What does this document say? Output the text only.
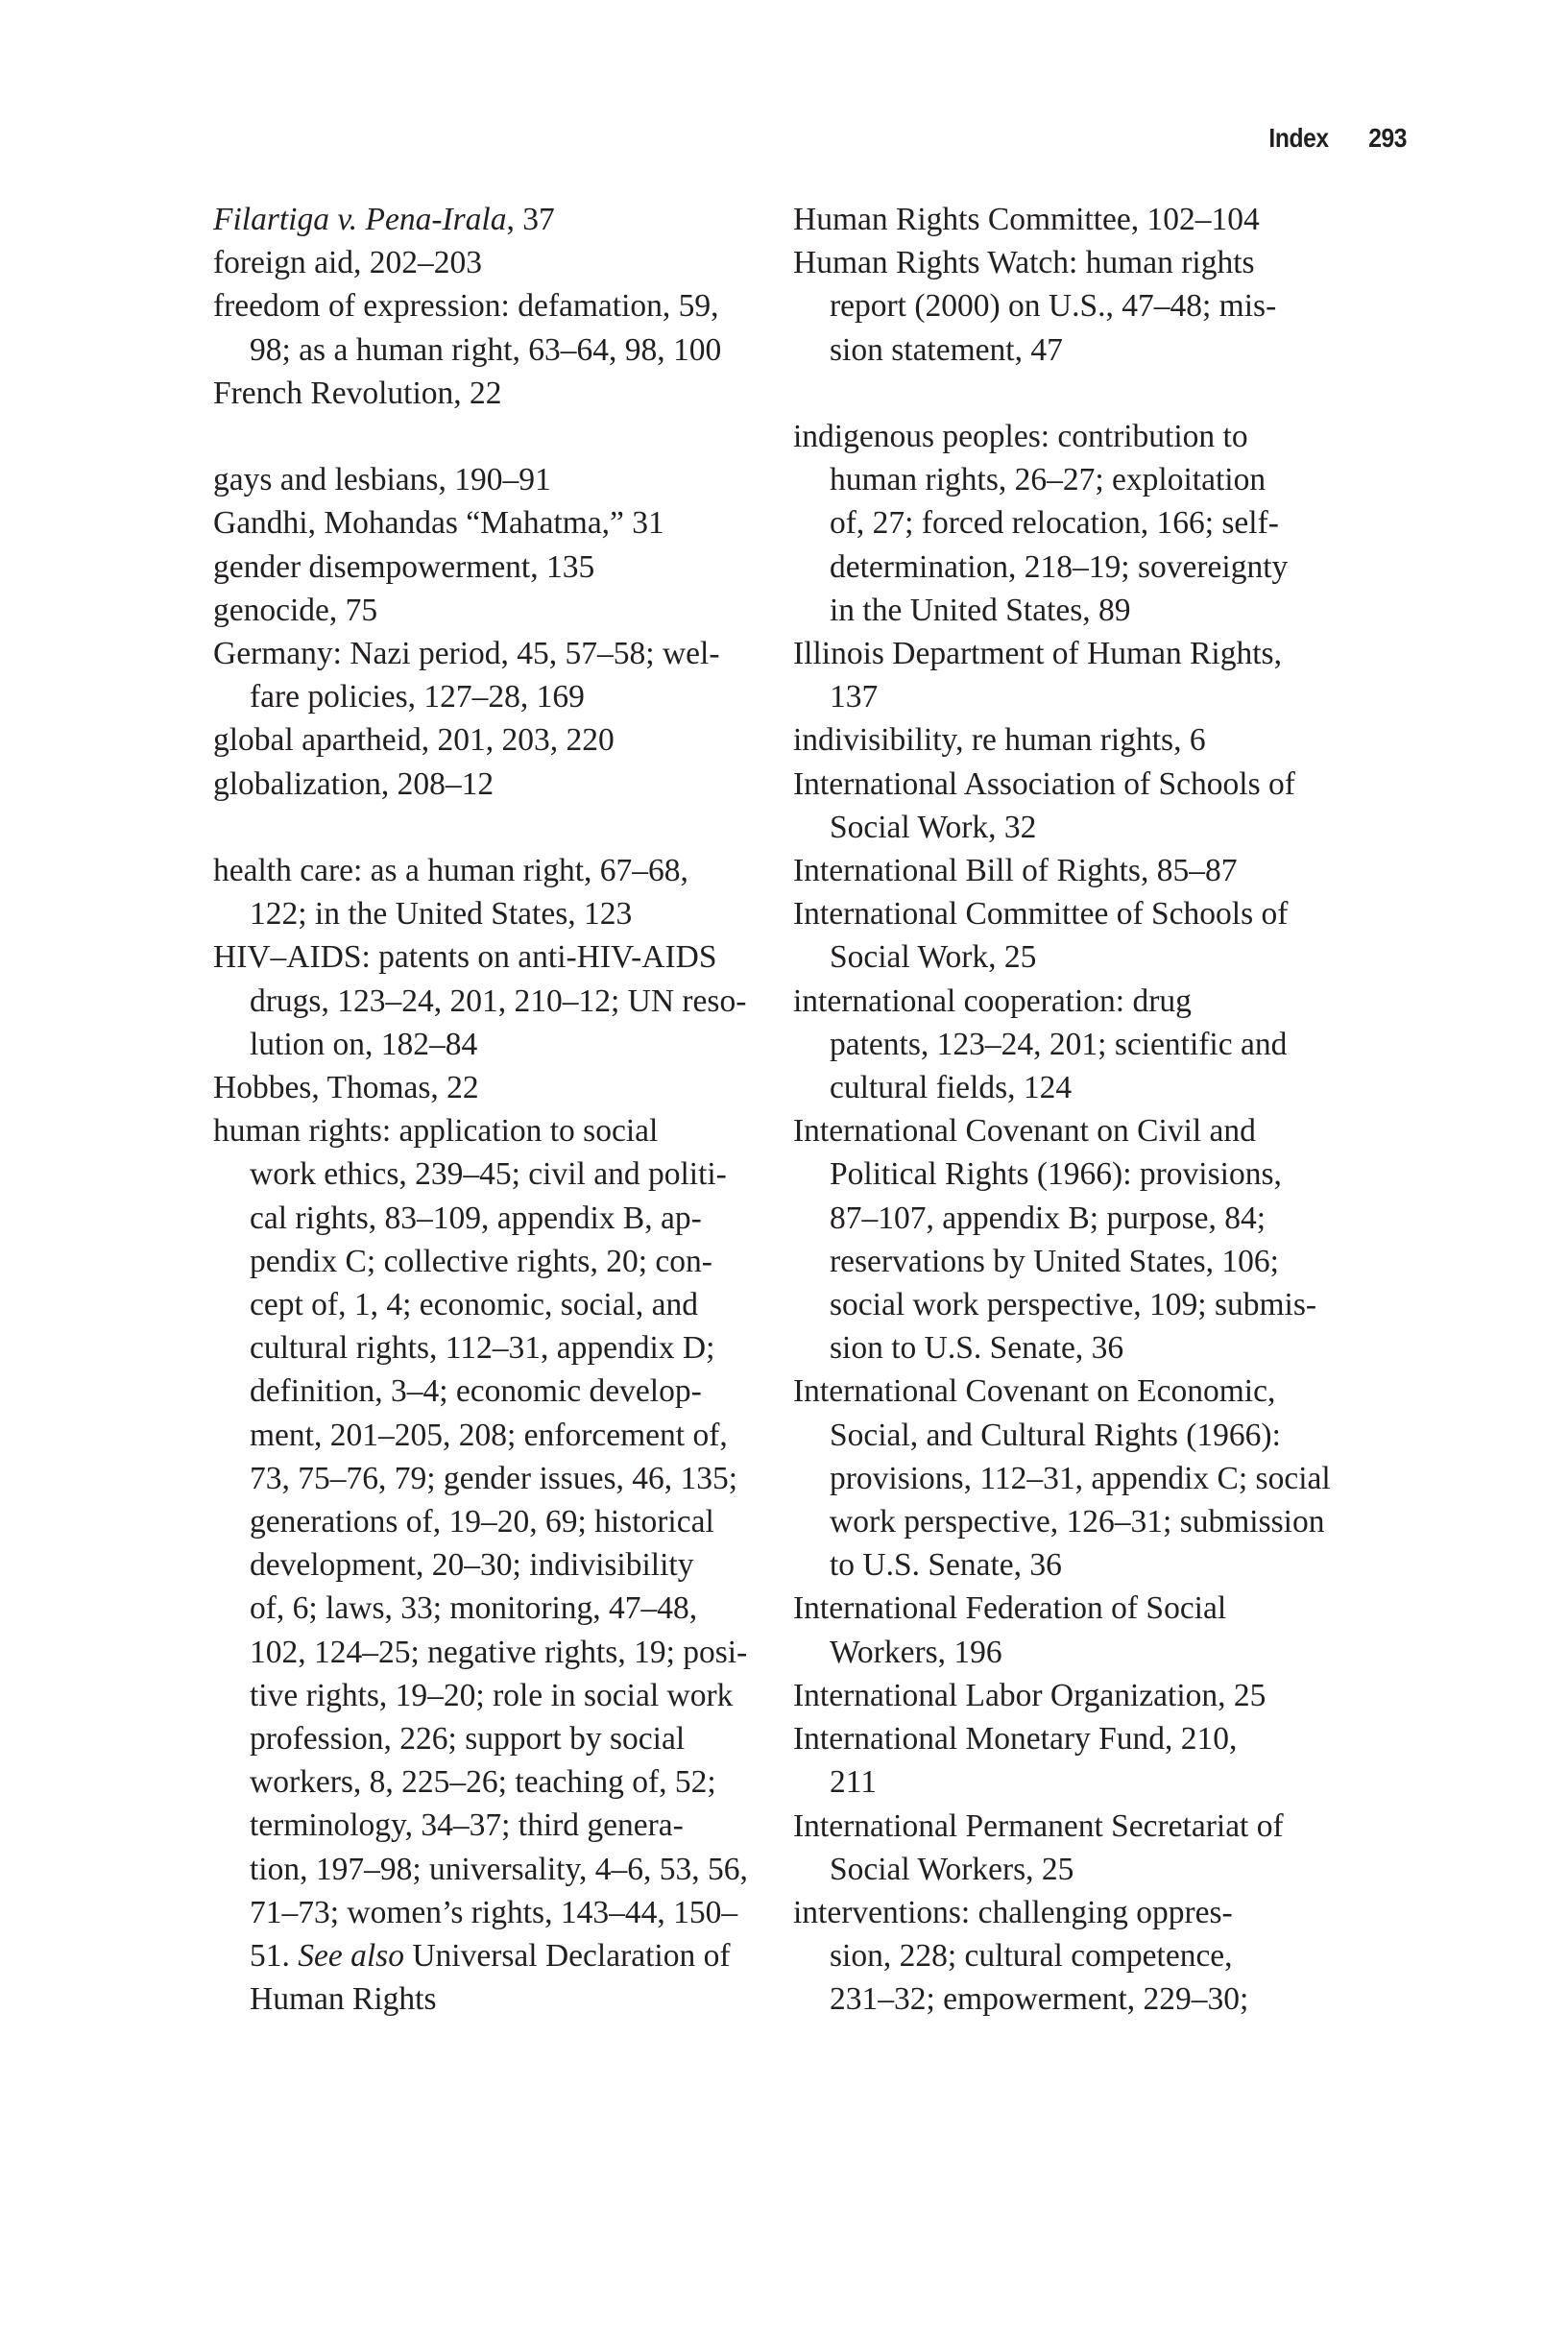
Index 293
Filartiga v. Pena-Irala, 37
foreign aid, 202–203
freedom of expression: defamation, 59,
98; as a human right, 63–64, 98, 100
French Revolution, 22
gays and lesbians, 190–91
Gandhi, Mohandas “Mahatma,” 31
gender disempowerment, 135
genocide, 75
Germany: Nazi period, 45, 57–58; wel-
fare policies, 127–28, 169
global apartheid, 201, 203, 220
globalization, 208–12
health care: as a human right, 67–68,
122; in the United States, 123
HIV–AIDS: patents on anti-HIV-AIDS
drugs, 123–24, 201, 210–12; UN reso-
lution on, 182–84
Hobbes, Thomas, 22
human rights: application to social
work ethics, 239–45; civil and politi-
cal rights, 83–109, appendix B, ap-
pendix C; collective rights, 20; con-
cept of, 1, 4; economic, social, and
cultural rights, 112–31, appendix D;
definition, 3–4; economic develop-
ment, 201–205, 208; enforcement of,
73, 75–76, 79; gender issues, 46, 135;
generations of, 19–20, 69; historical
development, 20–30; indivisibility
of, 6; laws, 33; monitoring, 47–48,
102, 124–25; negative rights, 19; posi-
tive rights, 19–20; role in social work
profession, 226; support by social
workers, 8, 225–26; teaching of, 52;
terminology, 34–37; third genera-
tion, 197–98; universality, 4–6, 53, 56,
71–73; women’s rights, 143–44, 150–
51. See also Universal Declaration of
Human Rights
Human Rights Committee, 102–104
Human Rights Watch: human rights
report (2000) on U.S., 47–48; mis-
sion statement, 47
indigenous peoples: contribution to
human rights, 26–27; exploitation
of, 27; forced relocation, 166; self-
determination, 218–19; sovereignty
in the United States, 89
Illinois Department of Human Rights,
137
indivisibility, re human rights, 6
International Association of Schools of
Social Work, 32
International Bill of Rights, 85–87
International Committee of Schools of
Social Work, 25
international cooperation: drug
patents, 123–24, 201; scientific and
cultural fields, 124
International Covenant on Civil and
Political Rights (1966): provisions,
87–107, appendix B; purpose, 84;
reservations by United States, 106;
social work perspective, 109; submis-
sion to U.S. Senate, 36
International Covenant on Economic,
Social, and Cultural Rights (1966):
provisions, 112–31, appendix C; social
work perspective, 126–31; submission
to U.S. Senate, 36
International Federation of Social
Workers, 196
International Labor Organization, 25
International Monetary Fund, 210,
211
International Permanent Secretariat of
Social Workers, 25
interventions: challenging oppres-
sion, 228; cultural competence,
231–32; empowerment, 229–30;
